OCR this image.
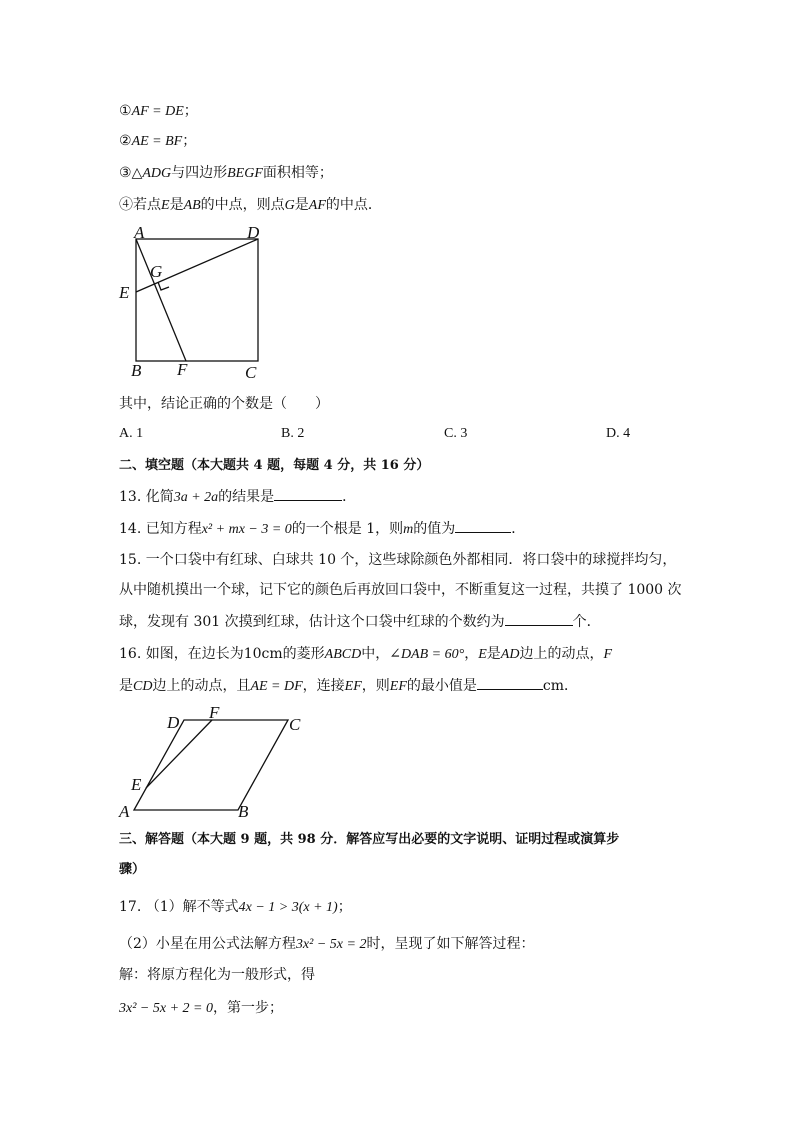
①AF = DE；
②AE = BF；
③△ADG与四边形BEGF面积相等；
④若点E是AB的中点，则点G是AF的中点．
A	D
E
G
B F	C
其中，结论正确的个数是（　　）
A. 1	B. 2	C. 3	D. 4
二、填空题（本大题共 4 题，每题 4 分，共 16 分）
13. 化简3a + 2a的结果是	．
14. 已知方程x² + mx − 3 = 0的一个根是 1，则m的值为	．
15. 一个口袋中有红球、白球共 10 个，这些球除颜色外都相同．将口袋中的球搅拌均匀，
从中随机摸出一个球，记下它的颜色后再放回口袋中，不断重复这一过程，共摸了 1000 次
球，发现有 301 次摸到红球，估计这个口袋中红球的个数约为	个．
16. 如图，在边长为10cm的菱形ABCD中，∠DAB = 60°，E是AD边上的动点，F
是CD边上的动点，且AE = DF，连接EF，则EF的最小值是	cm．
D
F
C
E
A	B
三、解答题（本大题 9 题，共 98 分．解答应写出必要的文字说明、证明过程或演算步
骤）
17. （1）解不等式4x − 1 > 3(x + 1)；
（2）小星在用公式法解方程3x² − 5x = 2时，呈现了如下解答过程：
解：将原方程化为一般形式，得
3x² − 5x + 2 = 0，第一步；
